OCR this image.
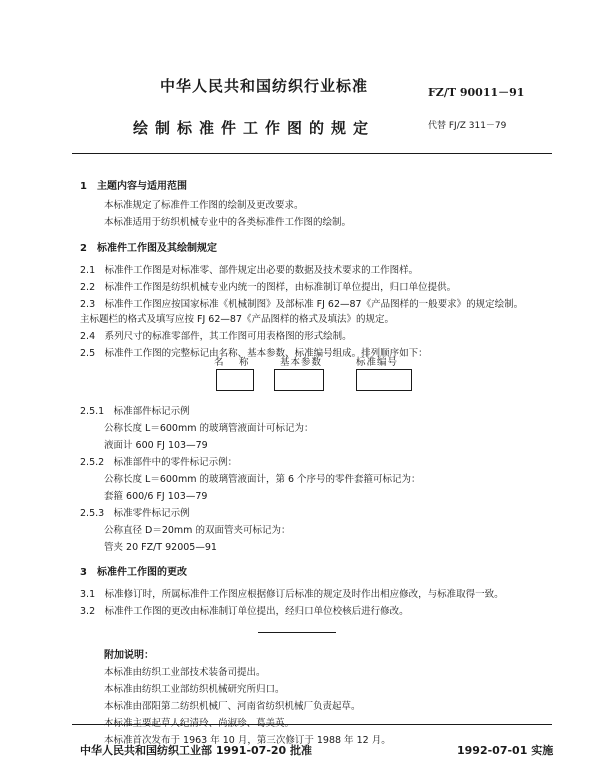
中华人民共和国纺织行业标准	FZ/T 90011－91
绘制标准件工作图的规定	代替 FJ/Z 311－79
1　主题内容与适用范围
本标准规定了标准件工作图的绘制及更改要求。
本标准适用于纺织机械专业中的各类标准件工作图的绘制。
2　标准件工作图及其绘制规定
2.1　标准件工作图是对标准零、部件规定出必要的数据及技术要求的工作图样。
2.2　标准件工作图是纺织机械专业内统一的图样，由标准制订单位提出，归口单位提供。
2.3　标准件工作图应按国家标准《机械制图》及部标准 FJ 62—87《产品图样的一般要求》的规定绘制。
主标题栏的格式及填写应按 FJ 62—87《产品图样的格式及填法》的规定。
2.4　系列尺寸的标准零部件，其工作图可用表格图的形式绘制。
2.5　标准件工作图的完整标记由名称、基本参数、标准编号组成。排列顺序如下：
名　称	基本参数	标准编号
2.5.1　标准部件标记示例
公称长度 L＝600mm 的玻璃管液面计可标记为：
液面计 600 FJ 103—79
2.5.2　标准部件中的零件标记示例：
公称长度 L＝600mm 的玻璃管液面计，第 6 个序号的零件套箍可标记为：
套箍 600/6 FJ 103—79
2.5.3　标准零件标记示例
公称直径 D＝20mm 的双面管夹可标记为：
管夹 20 FZ/T 92005—91
3　标准件工作图的更改
3.1　标准修订时，所属标准件工作图应根据修订后标准的规定及时作出相应修改，与标准取得一致。
3.2　标准件工作图的更改由标准制订单位提出，经归口单位校核后进行修改。
附加说明：
本标准由纺织工业部技术装备司提出。
本标准由纺织工业部纺织机械研究所归口。
本标准由邵阳第二纺织机械厂、河南省纺织机械厂负责起草。
本标准主要起草人纪清玲、尚淑珍、葛美英。
本标准首次发布于 1963 年 10 月，第三次修订于 1988 年 12 月。
中华人民共和国纺织工业部 1991-07-20 批准	1992-07-01 实施
